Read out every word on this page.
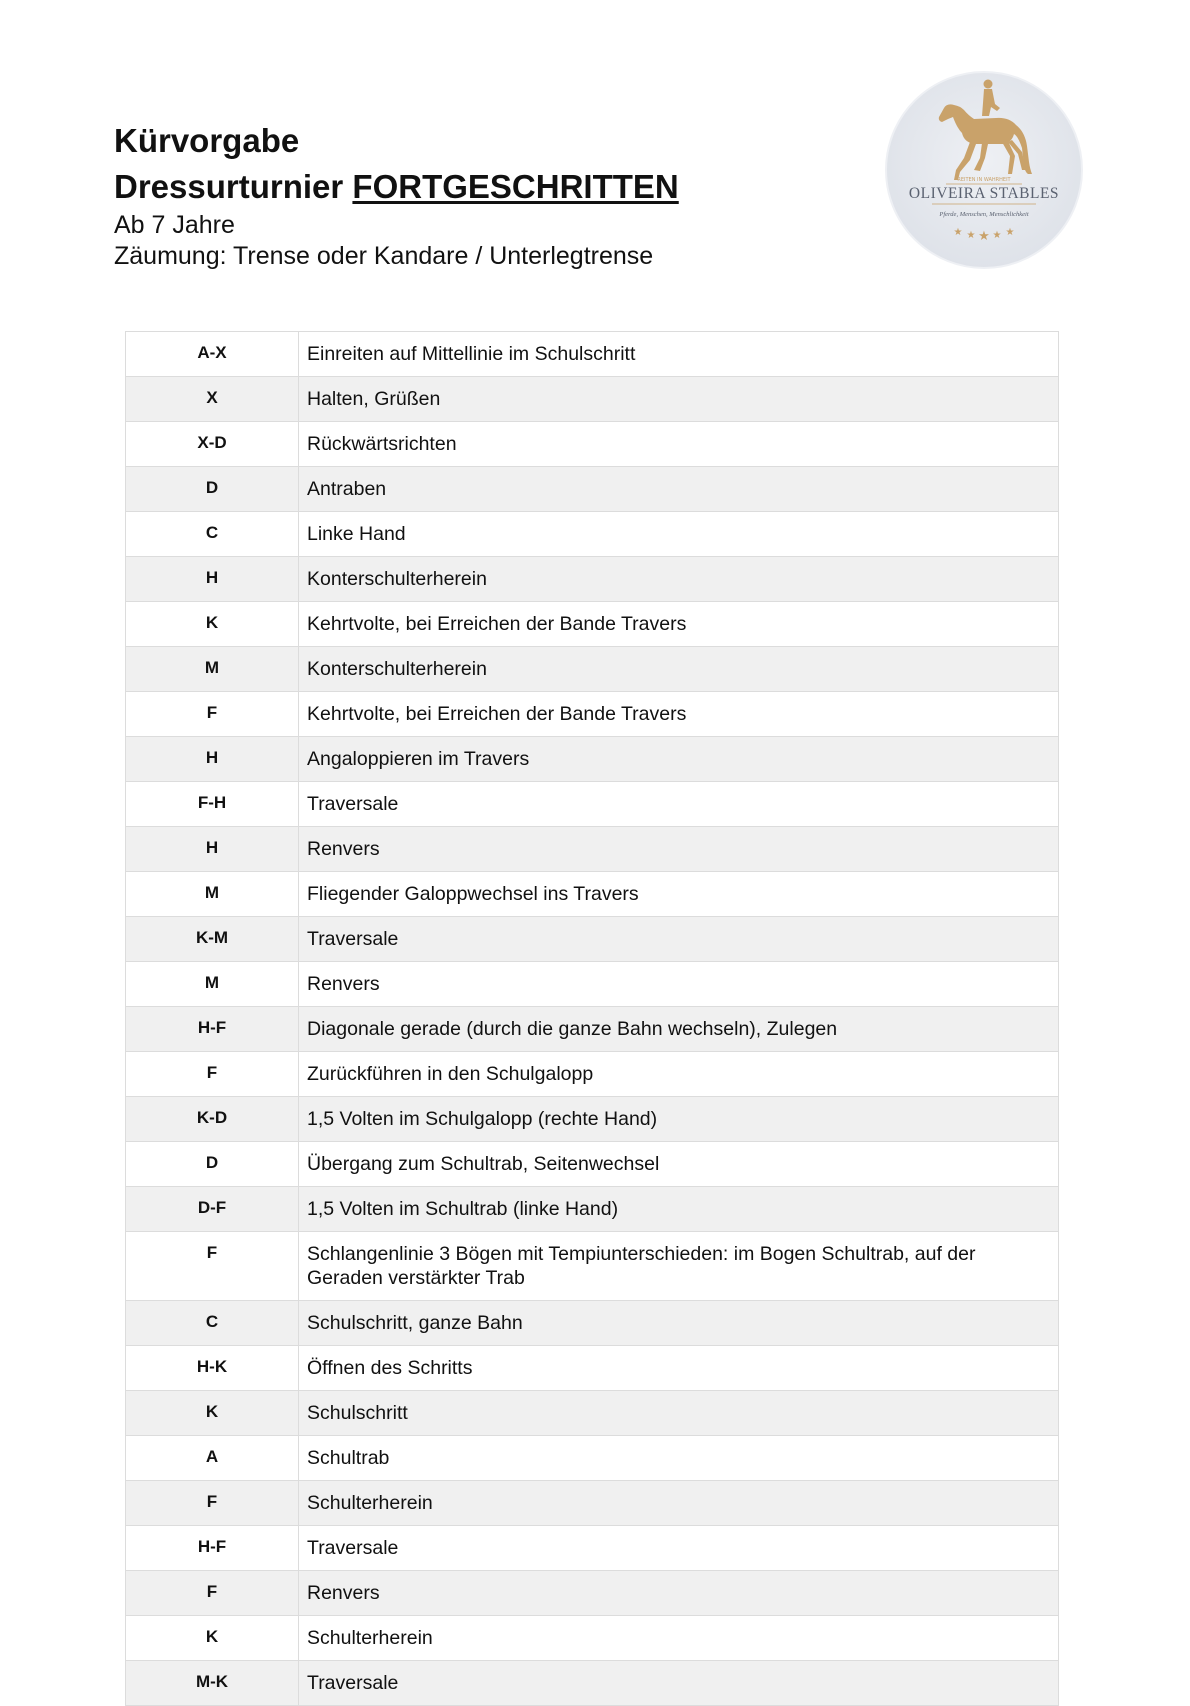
Kürvorgabe

Dressurturnier FORTGESCHRITTEN

Ab 7 Jahre

Zäumung: Trense oder Kandare / Unterlegtrense

REITEN IN WAHRHEIT
OLIVEIRA STABLES
Pferde, Menschen, Menschlichkeit
★ ★ ★ ★ ★
A-X	Einreiten auf Mittellinie im Schulschritt
X	Halten, Grüßen
X-D	Rückwärtsrichten
D	Antraben
C	Linke Hand
H	Konterschulterherein
K	Kehrtvolte, bei Erreichen der Bande Travers
M	Konterschulterherein
F	Kehrtvolte, bei Erreichen der Bande Travers
H	Angaloppieren im Travers
F-H	Traversale
H	Renvers
M	Fliegender Galoppwechsel ins Travers
K-M	Traversale
M	Renvers
H-F	Diagonale gerade (durch die ganze Bahn wechseln), Zulegen
F	Zurückführen in den Schulgalopp
K-D	1,5 Volten im Schulgalopp (rechte Hand)
D	Übergang zum Schultrab, Seitenwechsel
D-F	1,5 Volten im Schultrab (linke Hand)
F	Schlangenlinie 3 Bögen mit Tempiunterschieden: im Bogen Schultrab, auf der Geraden verstärkter Trab
C	Schulschritt, ganze Bahn
H-K	Öffnen des Schritts
K	Schulschritt
A	Schultrab
F	Schulterherein
H-F	Traversale
F	Renvers
K	Schulterherein
M-K	Traversale
